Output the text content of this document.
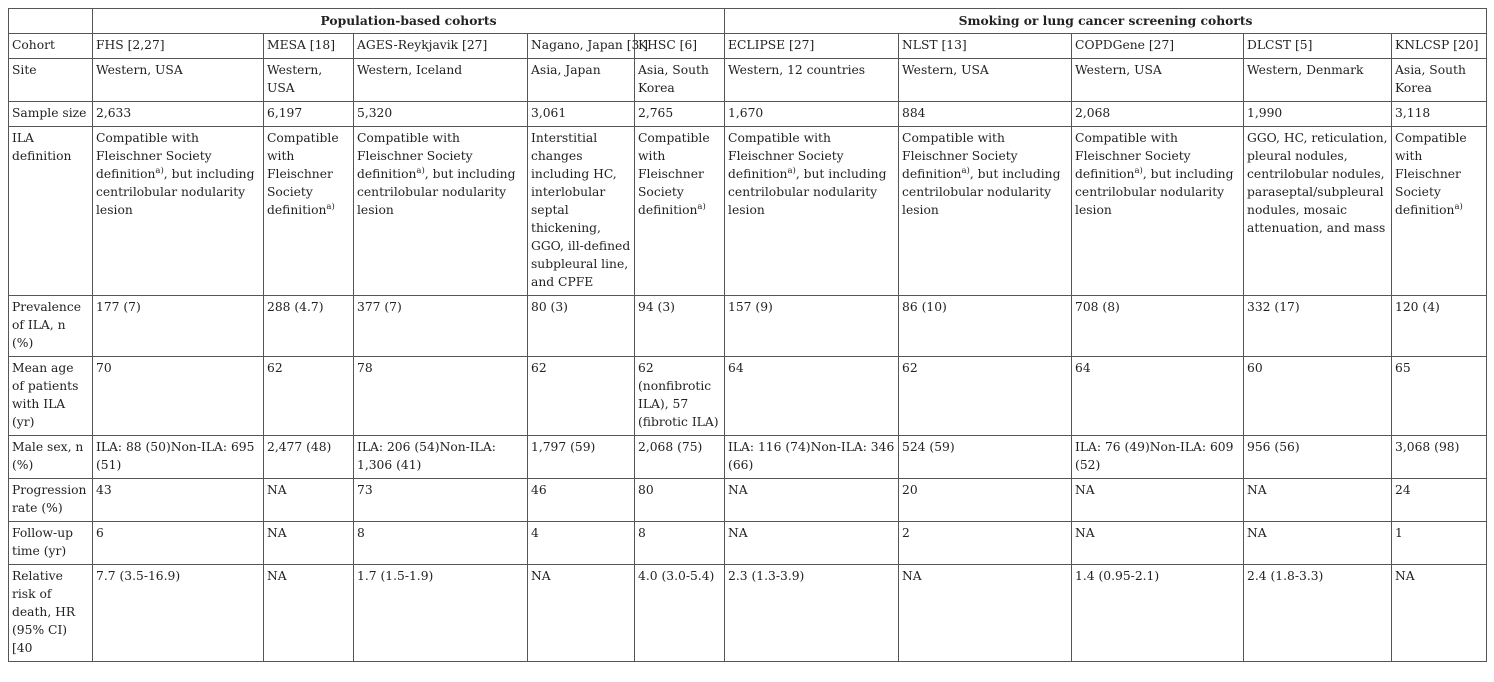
	Population-based cohorts					Smoking or lung cancer screening cohorts				
Cohort	FHS [2,27]	MESA [18]	AGES-Reykjavik [27]	Nagano, Japan [3 ]	KHSC [6]	ECLIPSE [27]	NLST [13]	COPDGene [27]	DLCST [5]	KNLCSP [20]
Site	Western, USA	Western, USA	Western, Iceland	Asia, Japan	Asia, South Korea	Western, 12 countries	Western, USA	Western, USA	Western, Denmark	Asia, South Korea
Sample size	2,633	6,197	5,320	3,061	2,765	1,670	884	2,068	1,990	3,118
ILA definition	Compatible with Fleischner Society definition$^{a)}$, but including centrilobular nodularity lesion	Compatible with Fleischner Society definition$^{a)}$	Compatible with Fleischner Society definition$^{a)}$, but including centrilobular nodularity lesion	Interstitial changes including HC, interlobular septal thickening, GGO, ill-defined subpleural line, and CPFE	Compatible with Fleischner Society definition$^{a)}$	Compatible with Fleischner Society definition$^{a)}$, but including centrilobular nodularity lesion	Compatible with Fleischner Society definition$^{a)}$, but including centrilobular nodularity lesion	Compatible with Fleischner Society definition$^{a)}$, but including centrilobular nodularity lesion	GGO, HC, reticulation, pleural nodules, centrilobular nodules, paraseptal/subpleural nodules, mosaic attenuation, and mass	Compatible with Fleischner Society definition$^{a)}$
Prevalence of ILA, n (%)	177 (7)	288 (4.7)	377 (7)	80 (3)	94 (3)	157 (9)	86 (10)	708 (8)	332 (17)	120 (4)
Mean age of patients with ILA (yr)	70	62	78	62	62 (nonfibrotic ILA), 57 (fibrotic ILA)	64	62	64	60	65
Male sex, n (%)	ILA: 88 (50)Non-ILA: 695 (51)	2,477 (48)	ILA: 206 (54)Non-ILA: 1,306 (41)	1,797 (59)	2,068 (75)	ILA: 116 (74)Non-ILA: 346 (66)	524 (59)	ILA: 76 (49)Non-ILA: 609 (52)	956 (56)	3,068 (98)
Progression rate (%)	43	NA	73	46	80	NA	20	NA	NA	24
Follow-up time (yr)	6	NA	8	4	8	NA	2	NA	NA	1
Relative risk of death, HR (95% CI) [40	7.7 (3.5-16.9)	NA	1.7 (1.5-1.9)	NA	4.0 (3.0-5.4)	2.3 (1.3-3.9)	NA	1.4 (0.95-2.1)	2.4 (1.8-3.3)	NA
